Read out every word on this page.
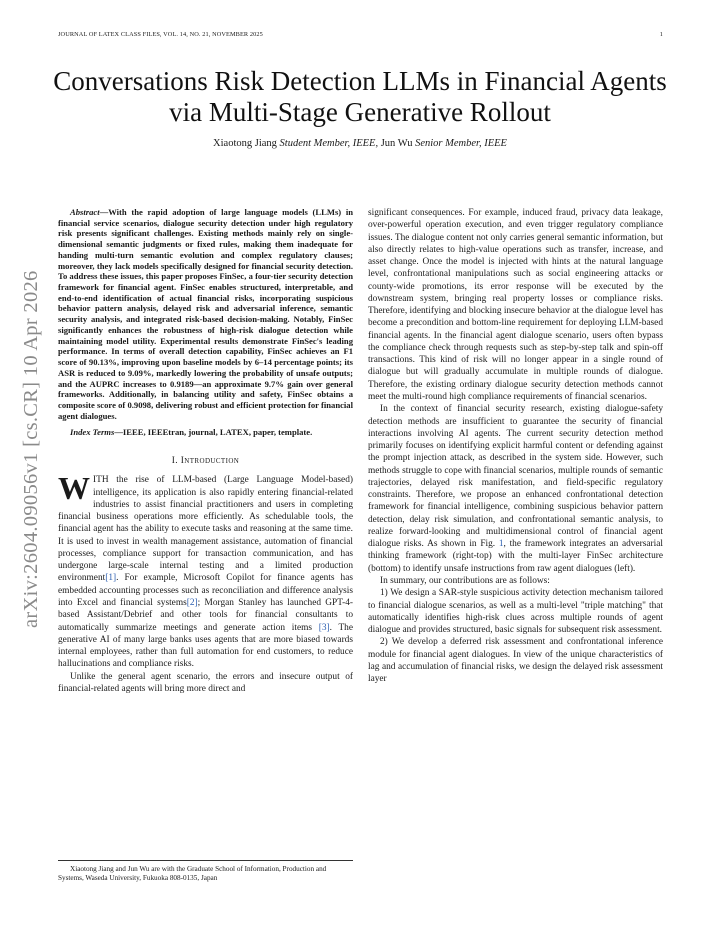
JOURNAL OF LATEX CLASS FILES, VOL. 14, NO. 21, NOVEMBER 2025	1
arXiv:2604.09056v1 [cs.CR] 10 Apr 2026
Conversations Risk Detection LLMs in Financial Agents via Multi-Stage Generative Rollout
Xiaotong Jiang Student Member, IEEE, Jun Wu Senior Member, IEEE

Abstract—With the rapid adoption of large language models (LLMs) in financial service scenarios, dialogue security detection under high regulatory risk presents significant challenges. Existing methods mainly rely on single-dimensional semantic judgments or fixed rules, making them inadequate for handing multi-turn semantic evolution and complex regulatory clauses; moreover, they lack models specifically designed for financial security detection. To address these issues, this paper proposes FinSec, a four-tier security detection framework for financial agent. FinSec enables structured, interpretable, and end-to-end identification of actual financial risks, incorporating suspicious behavior pattern analysis, delayed risk and adversarial inference, semantic security analysis, and integrated risk-based decision-making. Notably, FinSec significantly enhances the robustness of high-risk dialogue detection while maintaining model utility. Experimental results demonstrate FinSec's leading performance. In terms of overall detection capability, FinSec achieves an F1 score of 90.13%, improving upon baseline models by 6–14 percentage points; its ASR is reduced to 9.09%, markedly lowering the probability of unsafe outputs; and the AUPRC increases to 0.9189—an approximate 9.7% gain over general frameworks. Additionally, in balancing utility and safety, FinSec obtains a composite score of 0.9098, delivering robust and efficient protection for financial agent dialogues.

Index Terms—IEEE, IEEEtran, journal, LATEX, paper, template.

I. Introduction

WITH the rise of LLM-based (Large Language Model-based) intelligence, its application is also rapidly entering financial-related industries to assist financial practitioners and users in completing financial business operations more efficiently. As schedulable tools, the financial agent has the ability to execute tasks and reasoning at the same time. It is used to invest in wealth management assistance, automation of financial processes, compliance support for transaction communication, and has undergone large-scale internal testing and a limited production environment[1]. For example, Microsoft Copilot for finance agents has embedded accounting processes such as reconciliation and difference analysis into Excel and financial systems[2]; Morgan Stanley has launched GPT-4-based Assistant/Debrief and other tools for financial consultants to automatically summarize meetings and generate action items [3]. The generative AI of many large banks uses agents that are more biased towards internal employees, rather than full automation for end customers, to reduce hallucinations and compliance risks.

Unlike the general agent scenario, the errors and insecure output of financial-related agents will bring more direct and

significant consequences. For example, induced fraud, privacy data leakage, over-powerful operation execution, and even trigger regulatory compliance issues. The dialogue content not only carries general semantic information, but also directly relates to high-value operations such as transfer, increase, and asset change. Once the model is injected with hints at the natural language level, confrontational manipulations such as social engineering attacks or county-wide promotions, its error response will be executed by the downstream system, bringing real property losses or compliance risks. Therefore, identifying and blocking insecure behavior at the dialogue level has become a precondition and bottom-line requirement for deploying LLM-based financial agents. In the financial agent dialogue scenario, users often bypass the compliance check through requests such as step-by-step talk and spin-off transactions. This kind of risk will no longer appear in a single round of dialogue but will gradually accumulate in multiple rounds of dialogue. Therefore, the existing ordinary dialogue security detection methods cannot meet the multi-round high compliance requirements of financial scenarios.

In the context of financial security research, existing dialogue-safety detection methods are insufficient to guarantee the security of financial interactions involving AI agents. The current security detection method primarily focuses on identifying explicit harmful content or defending against the prompt injection attack, as described in the system side. However, such methods struggle to cope with financial scenarios, multiple rounds of semantic trajectories, delayed risk manifestation, and field-specific regulatory constraints. Therefore, we propose an enhanced confrontational detection framework for financial intelligence, combining suspicious behavior pattern detection, delay risk simulation, and confrontational semantic analysis, to realize forward-looking and multidimensional control of financial agent dialogue risks. As shown in Fig. 1, the framework integrates an adversarial thinking framework (right-top) with the multi-layer FinSec architecture (bottom) to identify unsafe instructions from raw agent dialogues (left).

In summary, our contributions are as follows:

1) We design a SAR-style suspicious activity detection mechanism tailored to financial dialogue scenarios, as well as a multi-level "triple matching" that automatically identifies high-risk clues across multiple rounds of agent dialogue and provides structured, basic signals for subsequent risk assessment.

2) We develop a deferred risk assessment and confrontational inference module for financial agent dialogues. In view of the unique characteristics of lag and accumulation of financial risks, we design the delayed risk assessment layer

Xiaotong Jiang and Jun Wu are with the Graduate School of Information, Production and Systems, Waseda University, Fukuoka 808-0135, Japan
